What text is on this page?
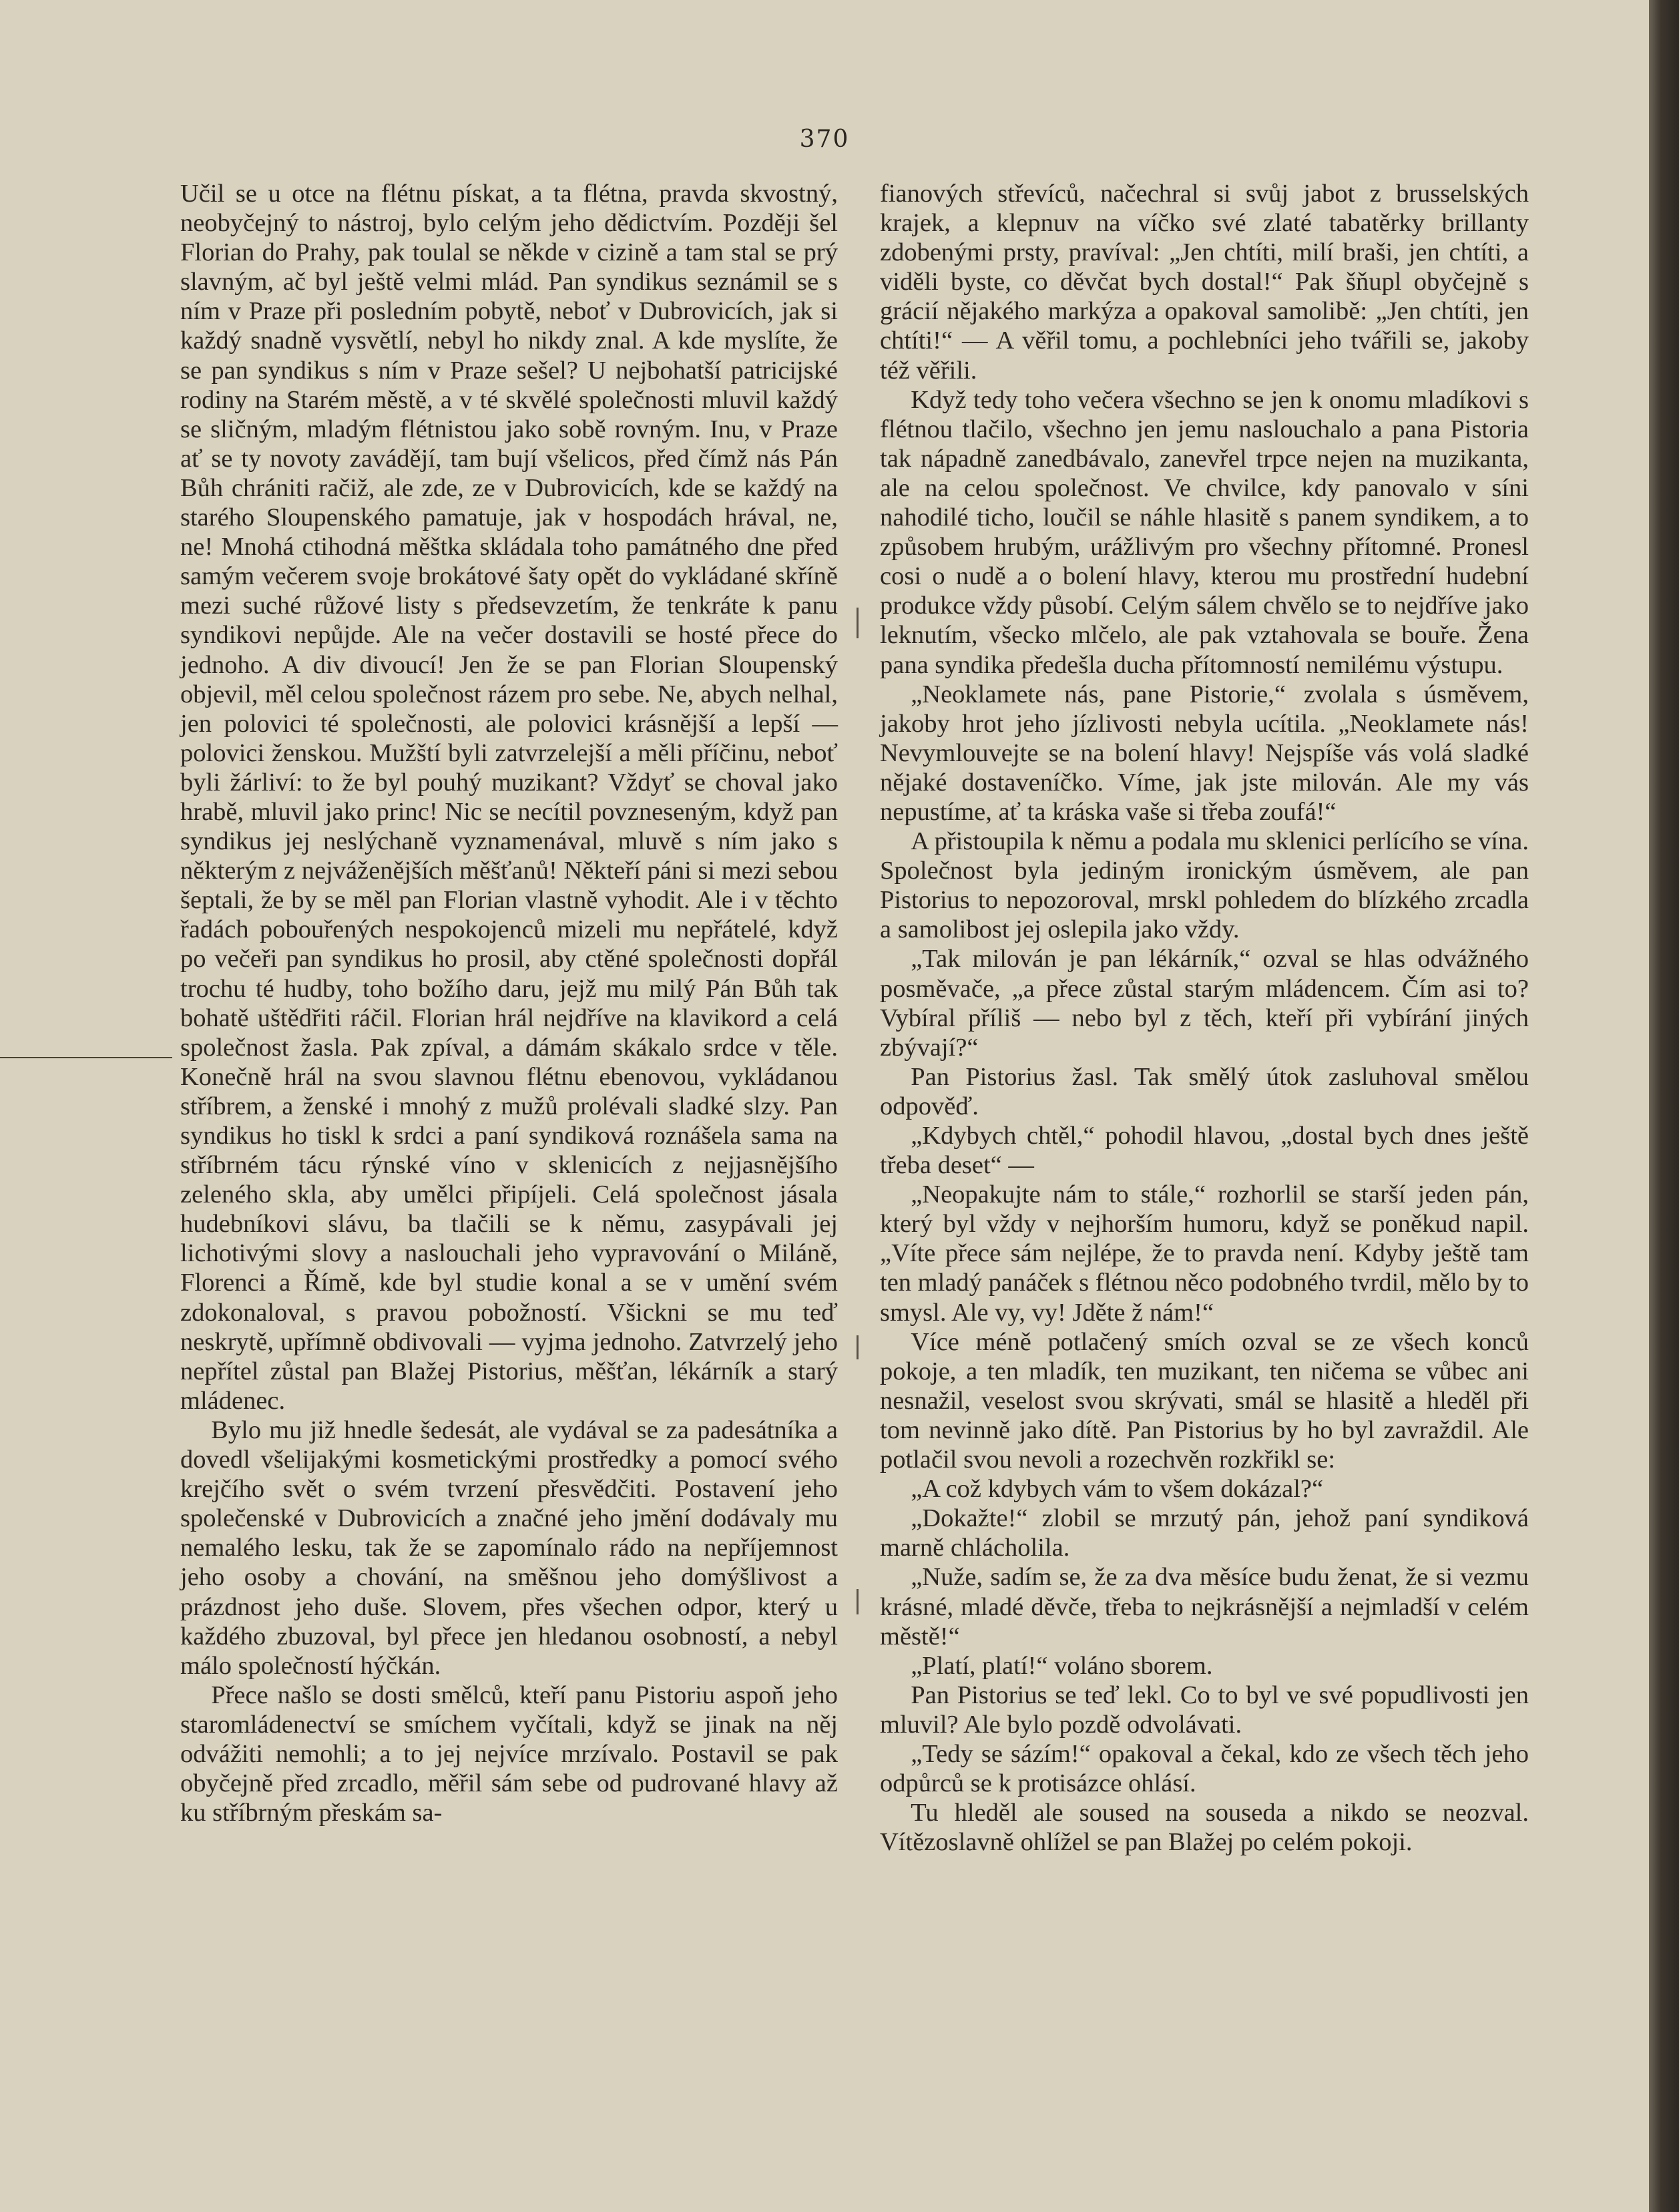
370

Učil se u otce na flétnu pískat, a ta flétna, pravda skvostný, neobyčejný to nástroj, bylo celým jeho dědictvím. Později šel Florian do Prahy, pak toulal se někde v cizině a tam stal se prý slavným, ač byl ještě velmi mlád. Pan syndikus seznámil se s ním v Praze při posledním pobytě, neboť v Dubrovicích, jak si každý snadně vysvětlí, nebyl ho nikdy znal. A kde myslíte, že se pan syndikus s ním v Praze sešel? U nejbohatší patricijské rodiny na Starém městě, a v té skvělé společnosti mluvil každý se sličným, mladým flétnistou jako sobě rovným. Inu, v Praze ať se ty novoty zavádějí, tam bují všelicos, před čímž nás Pán Bůh chrániti račiž, ale zde, ze v Dubrovicích, kde se každý na starého Sloupenského pamatuje, jak v hospodách hrával, ne, ne! Mnohá ctihodná měštka skládala toho památného dne před samým večerem svoje brokátové šaty opět do vykládané skříně mezi suché růžové listy s předsevzetím, že tenkráte k panu syndikovi nepůjde. Ale na večer dostavili se hosté přece do jednoho. A div divoucí! Jen že se pan Florian Sloupenský objevil, měl celou společnost rázem pro sebe. Ne, abych nelhal, jen polovici té společnosti, ale polovici krásnější a lepší — polovici ženskou. Mužští byli zatvrzelejší a měli příčinu, neboť byli žárliví: to že byl pouhý muzikant? Vždyť se choval jako hrabě, mluvil jako princ! Nic se necítil povzneseným, když pan syndikus jej neslýchaně vyznamenával, mluvě s ním jako s některým z nejváženějších měšťanů! Někteří páni si mezi sebou šeptali, že by se měl pan Florian vlastně vyhodit. Ale i v těchto řadách pobouřených nespokojenců mizeli mu nepřátelé, když po večeři pan syndikus ho prosil, aby ctěné společnosti dopřál trochu té hudby, toho božího daru, jejž mu milý Pán Bůh tak bohatě uštědřiti ráčil. Florian hrál nejdříve na klavikord a celá společnost žasla. Pak zpíval, a dámám skákalo srdce v těle. Konečně hrál na svou slavnou flétnu ebenovou, vykládanou stříbrem, a ženské i mnohý z mužů prolévali sladké slzy. Pan syndikus ho tiskl k srdci a paní syndiková roznášela sama na stříbrném tácu rýnské víno v sklenicích z nejjasnějšího zeleného skla, aby umělci připíjeli. Celá společnost jásala hudebníkovi slávu, ba tlačili se k němu, zasypávali jej lichotivými slovy a naslouchali jeho vypravování o Miláně, Florenci a Římě, kde byl studie konal a se v umění svém zdokonaloval, s pravou pobožností. Všickni se mu teď neskrytě, upřímně obdivovali — vyjma jednoho. Zatvrzelý jeho nepřítel zůstal pan Blažej Pistorius, měšťan, lékárník a starý mládenec.

Bylo mu již hnedle šedesát, ale vydával se za padesátníka a dovedl všelijakými kosmetickými prostředky a pomocí svého krejčího svět o svém tvrzení přesvědčiti. Postavení jeho společenské v Dubrovicích a značné jeho jmění dodávaly mu nemalého lesku, tak že se zapomínalo rádo na nepříjemnost jeho osoby a chování, na směšnou jeho domýšlivost a prázdnost jeho duše. Slovem, přes všechen odpor, který u každého zbuzoval, byl přece jen hledanou osobností, a nebyl málo společností hýčkán.

Přece našlo se dosti smělců, kteří panu Pistoriu aspoň jeho staromládenectví se smíchem vyčítali, když se jinak na něj odvážiti nemohli; a to jej nejvíce mrzívalo. Postavil se pak obyčejně před zrcadlo, měřil sám sebe od pudrované hlavy až ku stříbrným přeskám sa-

fianových střevíců, načechral si svůj jabot z brusselských krajek, a klepnuv na víčko své zlaté tabatěrky brillanty zdobenými prsty, pravíval: „Jen chtíti, milí braši, jen chtíti, a viděli byste, co děvčat bych dostal!“ Pak šňupl obyčejně s grácií nějakého markýza a opakoval samolibě: „Jen chtíti, jen chtíti!“ — A věřil tomu, a pochlebníci jeho tvářili se, jakoby též věřili.

Když tedy toho večera všechno se jen k onomu mladíkovi s flétnou tlačilo, všechno jen jemu naslouchalo a pana Pistoria tak nápadně zanedbávalo, zanevřel trpce nejen na muzikanta, ale na celou společnost. Ve chvilce, kdy panovalo v síni nahodilé ticho, loučil se náhle hlasitě s panem syndikem, a to způsobem hrubým, urážlivým pro všechny přítomné. Pronesl cosi o nudě a o bolení hlavy, kterou mu prostřední hudební produkce vždy působí. Celým sálem chvělo se to nejdříve jako leknutím, všecko mlčelo, ale pak vztahovala se bouře. Žena pana syndika předešla ducha přítomností nemilému výstupu.

„Neoklamete nás, pane Pistorie,“ zvolala s úsměvem, jakoby hrot jeho jízlivosti nebyla ucítila. „Neoklamete nás! Nevymlouvejte se na bolení hlavy! Nejspíše vás volá sladké nějaké dostaveníčko. Víme, jak jste milován. Ale my vás nepustíme, ať ta kráska vaše si třeba zoufá!“

A přistoupila k němu a podala mu sklenici perlícího se vína. Společnost byla jediným ironickým úsměvem, ale pan Pistorius to nepozoroval, mrskl pohledem do blízkého zrcadla a samolibost jej oslepila jako vždy.

„Tak milován je pan lékárník,“ ozval se hlas odvážného posměvače, „a přece zůstal starým mládencem. Čím asi to? Vybíral příliš — nebo byl z těch, kteří při vybírání jiných zbývají?“

Pan Pistorius žasl. Tak smělý útok zasluhoval smělou odpověď.

„Kdybych chtěl,“ pohodil hlavou, „dostal bych dnes ještě třeba deset“ —

„Neopakujte nám to stále,“ rozhorlil se starší jeden pán, který byl vždy v nejhorším humoru, když se poněkud napil. „Víte přece sám nejlépe, že to pravda není. Kdyby ještě tam ten mladý panáček s flétnou něco podobného tvrdil, mělo by to smysl. Ale vy, vy! Jděte ž nám!“

Více méně potlačený smích ozval se ze všech konců pokoje, a ten mladík, ten muzikant, ten ničema se vůbec ani nesnažil, veselost svou skrývati, smál se hlasitě a hleděl při tom nevinně jako dítě. Pan Pistorius by ho byl zavraždil. Ale potlačil svou nevoli a rozechvěn rozkřikl se:

„A což kdybych vám to všem dokázal?“

„Dokažte!“ zlobil se mrzutý pán, jehož paní syndiková marně chlácholila.

„Nuže, sadím se, že za dva měsíce budu ženat, že si vezmu krásné, mladé děvče, třeba to nejkrásnější a nejmladší v celém městě!“

„Platí, platí!“ voláno sborem.

Pan Pistorius se teď lekl. Co to byl ve své popudlivosti jen mluvil? Ale bylo pozdě odvolávati.

„Tedy se sázím!“ opakoval a čekal, kdo ze všech těch jeho odpůrců se k protisázce ohlásí.

Tu hleděl ale soused na souseda a nikdo se neozval. Vítězoslavně ohlížel se pan Blažej po celém pokoji.
